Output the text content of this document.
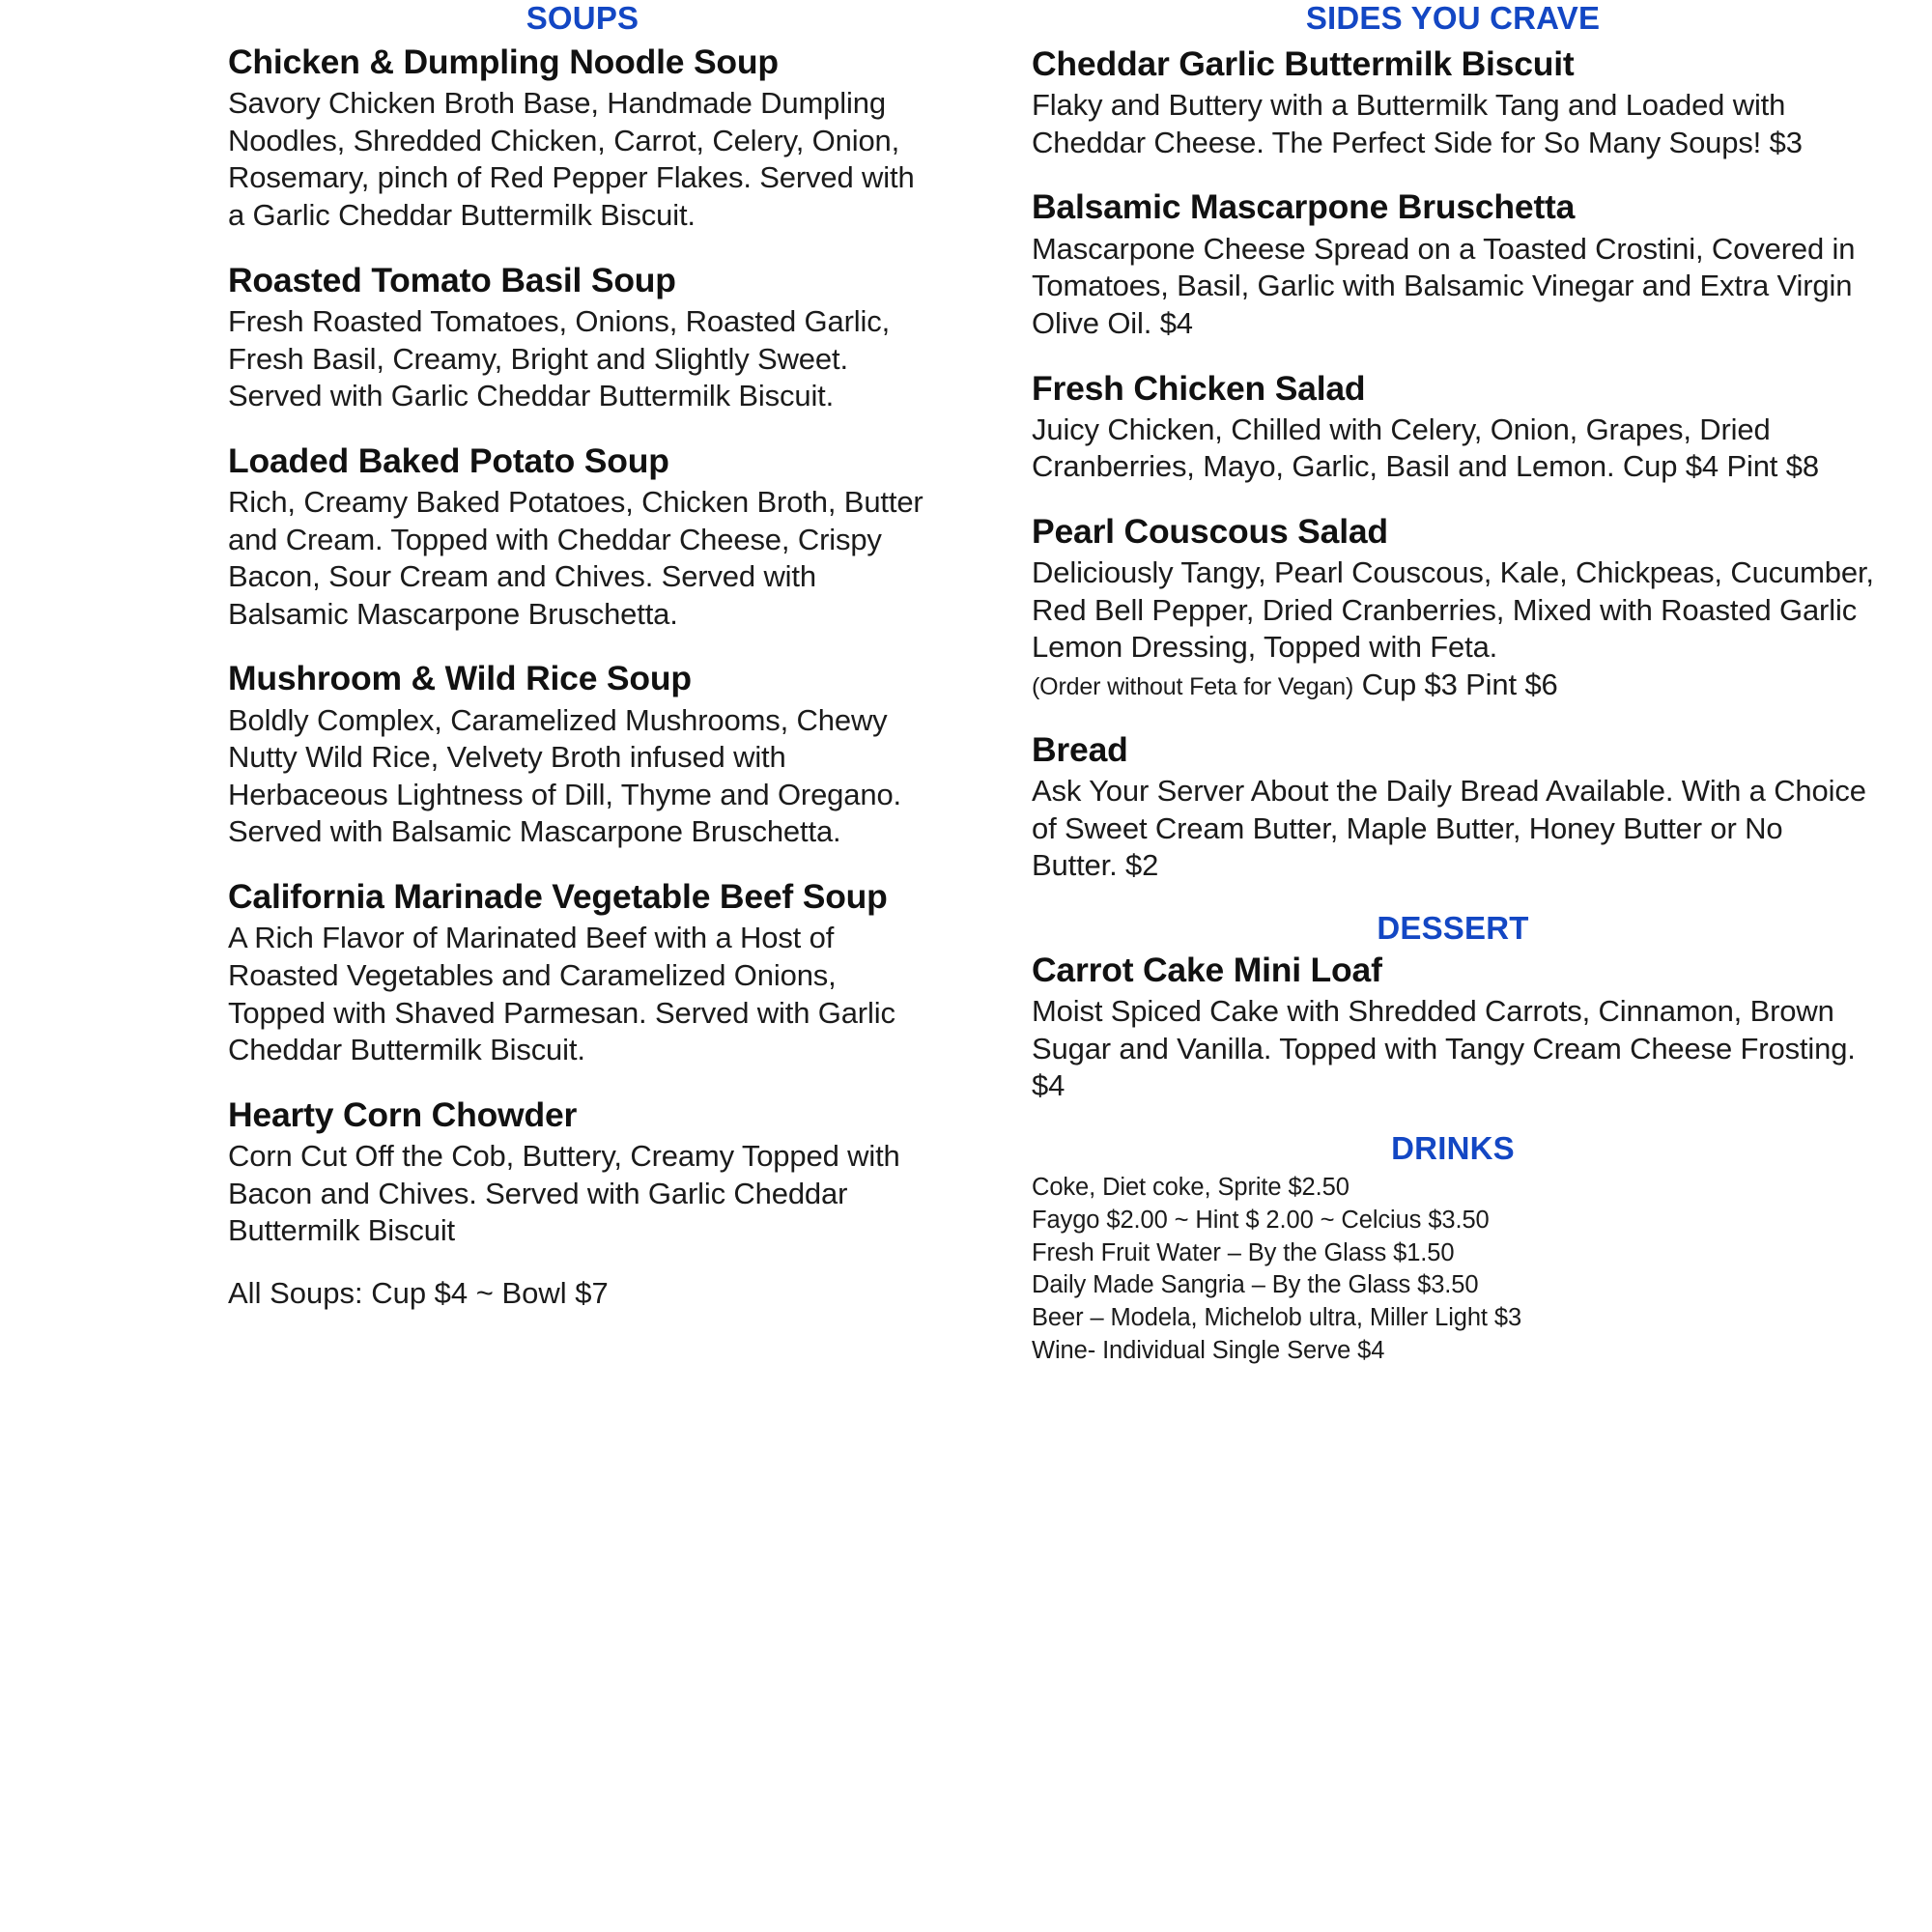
SOUPS
Chicken & Dumpling Noodle Soup

Savory Chicken Broth Base, Handmade Dumpling Noodles, Shredded Chicken, Carrot, Celery, Onion, Rosemary, pinch of Red Pepper Flakes. Served with a Garlic Cheddar Buttermilk Biscuit.

Roasted Tomato Basil Soup

Fresh Roasted Tomatoes, Onions, Roasted Garlic, Fresh Basil, Creamy, Bright and Slightly Sweet. Served with Garlic Cheddar Buttermilk Biscuit.

Loaded Baked Potato Soup

Rich, Creamy Baked Potatoes, Chicken Broth, Butter and Cream. Topped with Cheddar Cheese, Crispy Bacon, Sour Cream and Chives. Served with Balsamic Mascarpone Bruschetta.

Mushroom & Wild Rice Soup

Boldly Complex, Caramelized Mushrooms, Chewy Nutty Wild Rice, Velvety Broth infused with Herbaceous Lightness of Dill, Thyme and Oregano. Served with Balsamic Mascarpone Bruschetta.

California Marinade Vegetable Beef Soup

A Rich Flavor of Marinated Beef with a Host of Roasted Vegetables and Caramelized Onions, Topped with Shaved Parmesan. Served with Garlic Cheddar Buttermilk Biscuit.

Hearty Corn Chowder

Corn Cut Off the Cob, Buttery, Creamy Topped with Bacon and Chives. Served with Garlic Cheddar Buttermilk Biscuit

All Soups: Cup $4 ~ Bowl $7

SIDES YOU CRAVE
Cheddar Garlic Buttermilk Biscuit

Flaky and Buttery with a Buttermilk Tang and Loaded with Cheddar Cheese. The Perfect Side for So Many Soups! $3

Balsamic Mascarpone Bruschetta

Mascarpone Cheese Spread on a Toasted Crostini, Covered in Tomatoes, Basil, Garlic with Balsamic Vinegar and Extra Virgin Olive Oil. $4

Fresh Chicken Salad

Juicy Chicken, Chilled with Celery, Onion, Grapes, Dried Cranberries, Mayo, Garlic, Basil and Lemon. Cup $4 Pint $8

Pearl Couscous Salad

Deliciously Tangy, Pearl Couscous, Kale, Chickpeas, Cucumber, Red Bell Pepper, Dried Cranberries, Mixed with Roasted Garlic Lemon Dressing, Topped with Feta.

(Order without Feta for Vegan) Cup $3 Pint $6

Bread

Ask Your Server About the Daily Bread Available. With a Choice of Sweet Cream Butter, Maple Butter, Honey Butter or No Butter. $2

DESSERT
Carrot Cake Mini Loaf

Moist Spiced Cake with Shredded Carrots, Cinnamon, Brown Sugar and Vanilla. Topped with Tangy Cream Cheese Frosting. $4

DRINKS
Coke, Diet coke, Sprite $2.50
Faygo $2.00 ~ Hint $ 2.00 ~ Celcius $3.50
Fresh Fruit Water – By the Glass $1.50
Daily Made Sangria – By the Glass $3.50
Beer – Modela, Michelob ultra, Miller Light $3
Wine- Individual Single Serve $4
